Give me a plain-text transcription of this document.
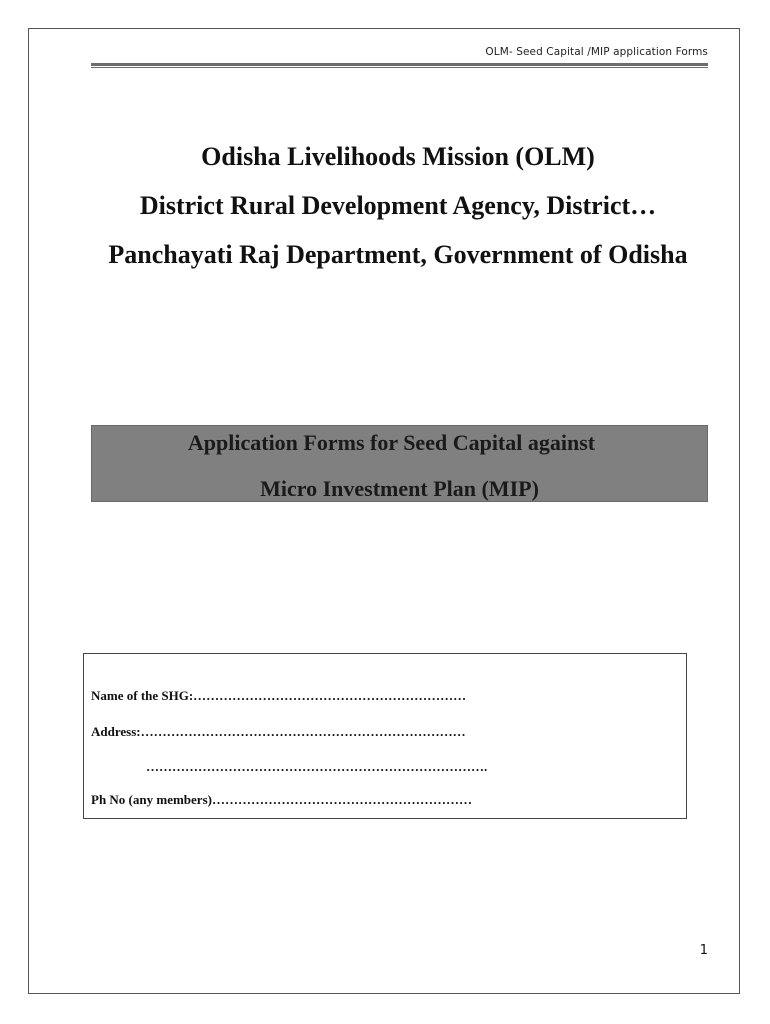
OLM- Seed Capital /MIP application Forms
Odisha Livelihoods Mission (OLM)
District Rural Development Agency, District…
Panchayati Raj Department, Government of Odisha
Application Forms for Seed Capital against
Micro Investment Plan (MIP)
Name of the SHG:………………………………………………………
Address:…………………………………………………………………
…………………………………………………………………….
Ph No (any members)……………………………………………………
1
